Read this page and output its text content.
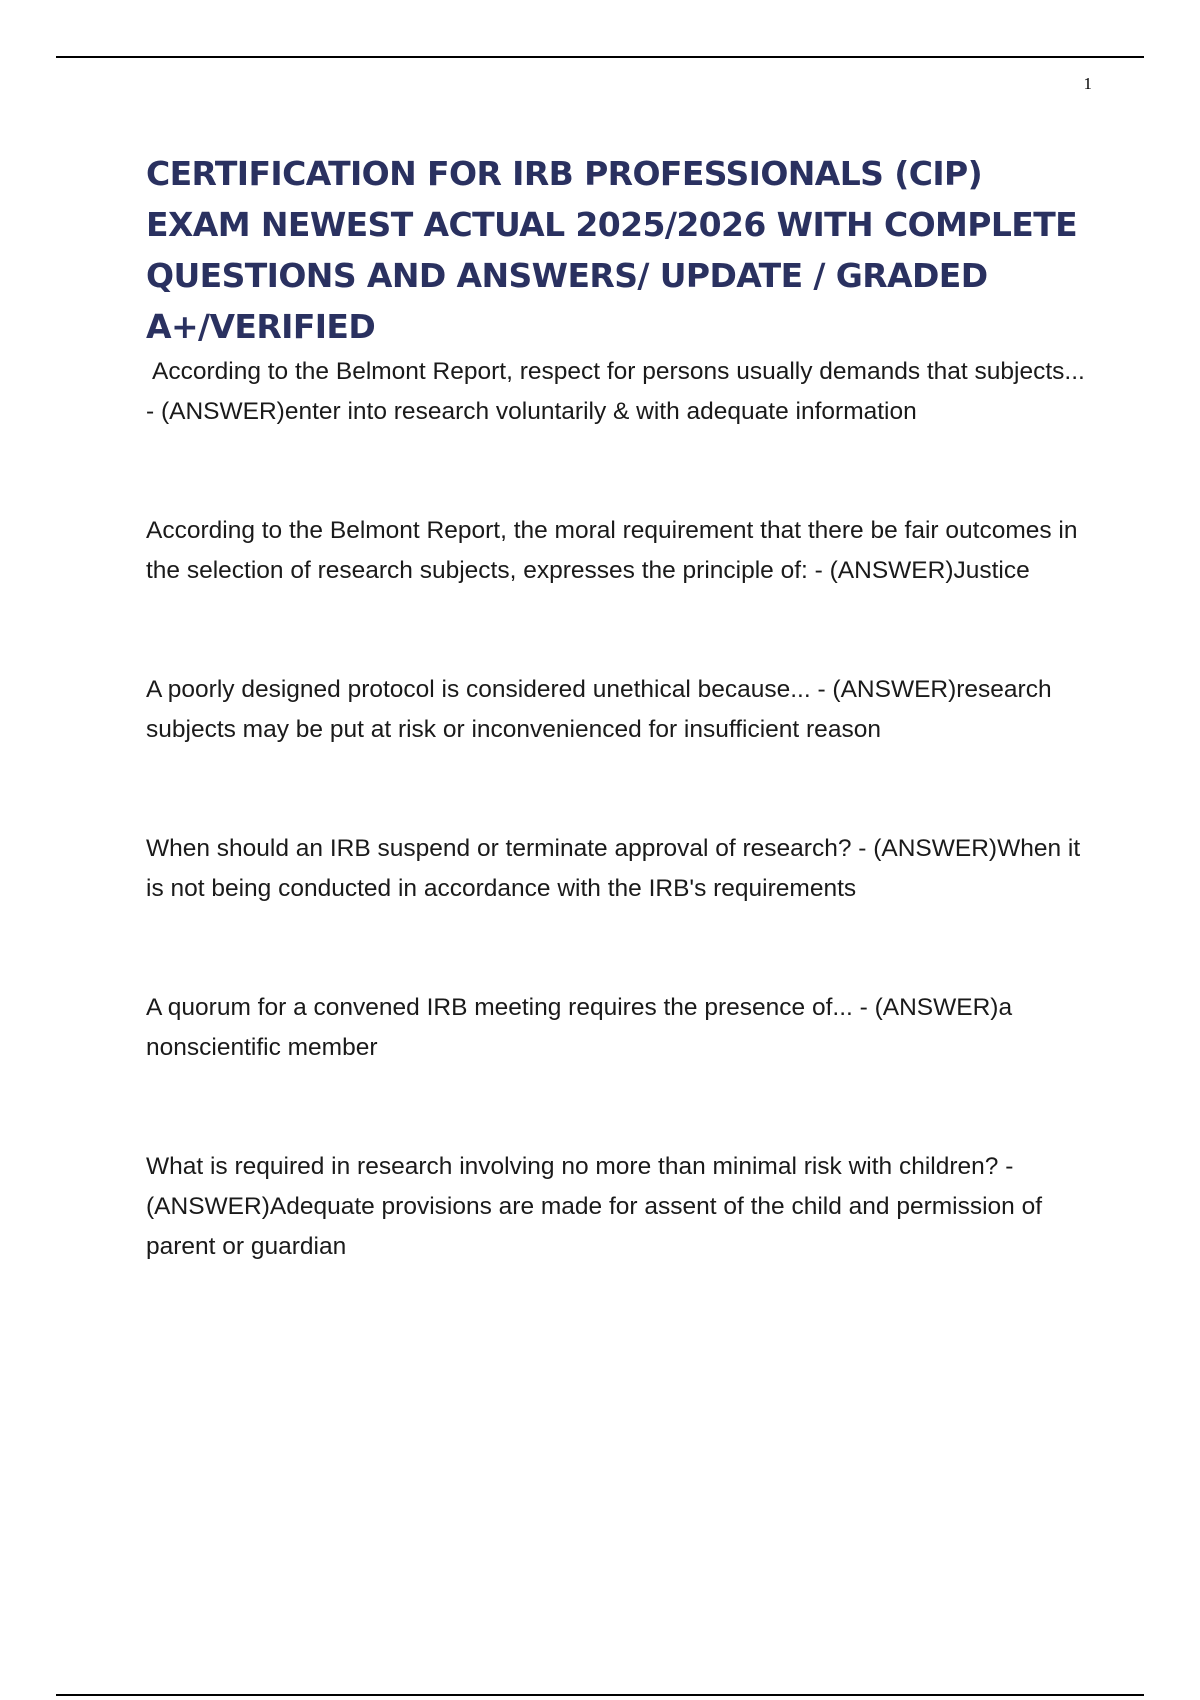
1
CERTIFICATION FOR IRB PROFESSIONALS (CIP) EXAM NEWEST ACTUAL 2025/2026 WITH COMPLETE QUESTIONS AND ANSWERS/ UPDATE / GRADED A+/VERIFIED

According to the Belmont Report, respect for persons usually demands that subjects... - (ANSWER)enter into research voluntarily & with adequate information

According to the Belmont Report, the moral requirement that there be fair outcomes in the selection of research subjects, expresses the principle of: - (ANSWER)Justice

A poorly designed protocol is considered unethical because... - (ANSWER)research subjects may be put at risk or inconvenienced for insufficient reason

When should an IRB suspend or terminate approval of research? - (ANSWER)When it is not being conducted in accordance with the IRB's requirements

A quorum for a convened IRB meeting requires the presence of... - (ANSWER)a nonscientific member

What is required in research involving no more than minimal risk with children? - (ANSWER)Adequate provisions are made for assent of the child and permission of parent or guardian
